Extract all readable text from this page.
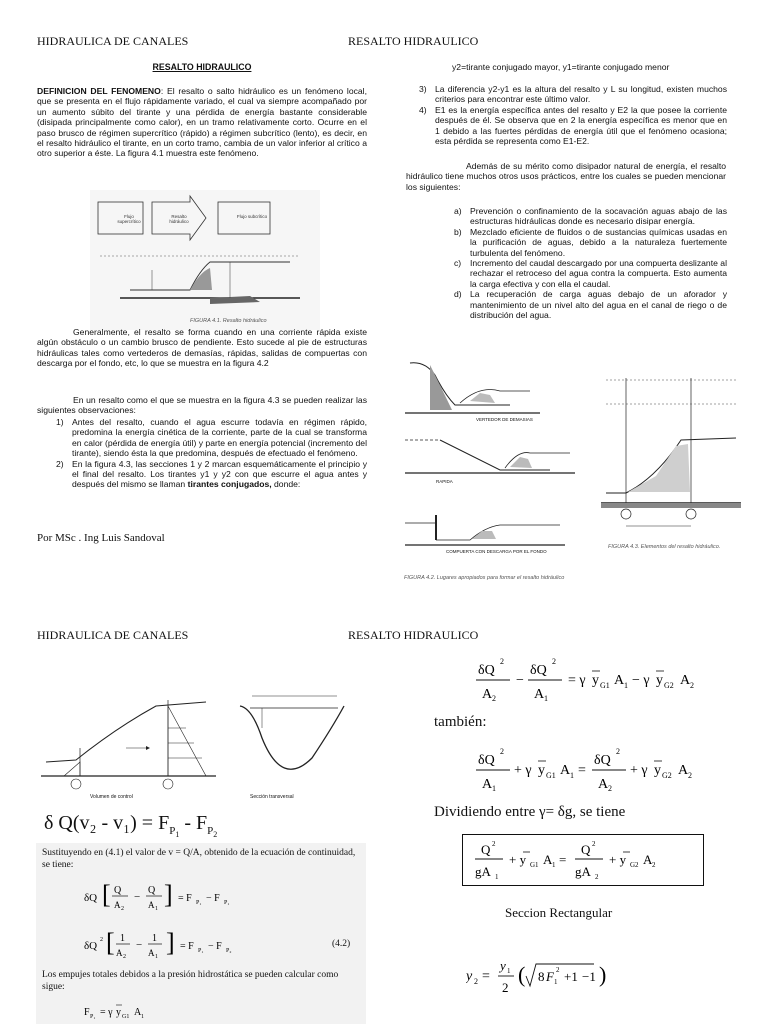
HIDRAULICA DE CANALES	RESALTO HIDRAULICO
RESALTO HIDRAULICO
DEFINICION DEL FENOMENO: El resalto o salto hidráulico es un fenómeno local, que se presenta en el flujo rápidamente variado, el cual va siempre acompañado por un aumento súbito del tirante y una pérdida de energía bastante considerable (disipada principalmente como calor), en un tramo relativamente corto. Ocurre en el paso brusco de régimen supercrítico (rápido) a régimen subcrítico (lento), es decir, en el resalto hidráulico el tirante, en un corto tramo, cambia de un valor inferior al crítico a otro superior a éste. La figura 4.1 muestra este fenómeno.
Flujo supercrítico
Resalto hidráulico
Flujo subcrítico
FIGURA 4.1. Resalto hidráulico
Generalmente, el resalto se forma cuando en una corriente rápida existe algún obstáculo o un cambio brusco de pendiente. Esto sucede al pie de estructuras hidráulicas tales como vertederos de demasías, rápidas, salidas de compuertas con descarga por el fondo, etc, lo que se muestra en la figura 4.2
En un resalto como el que se muestra en la figura 4.3 se pueden realizar las siguientes observaciones:
1) Antes del resalto, cuando el agua escurre todavía en régimen rápido, predomina la energía cinética de la corriente, parte de la cual se transforma en calor (pérdida de energía útil) y parte en energía potencial (incremento del tirante), siendo ésta la que predomina, después de efectuado el fenómeno.
2) En la figura 4.3, las secciones 1 y 2 marcan esquemáticamente el principio y el final del resalto. Los tirantes y1 y y2 con que escurre el agua antes y después del mismo se llaman tirantes conjugados, donde:
Por MSc . Ing Luis Sandoval
y2=tirante conjugado mayor, y1=tirante conjugado menor
3) La diferencia y2-y1 es la altura del resalto y L su longitud, existen muchos criterios para encontrar este último valor.
4) E1 es la energía específica antes del resalto y E2 la que posee la corriente después de él. Se observa que en 2 la energía específica es menor que en 1 debido a las fuertes pérdidas de energía útil que el fenómeno ocasiona; esta pérdida se representa como E1-E2.
Además de su mérito como disipador natural de energía, el resalto hidráulico tiene muchos otros usos prácticos, entre los cuales se pueden mencionar los siguientes:
a) Prevención o confinamiento de la socavación aguas abajo de las estructuras hidráulicas donde es necesario disipar energía.
b) Mezclado eficiente de fluidos o de sustancias químicas usadas en la purificación de aguas, debido a la naturaleza fuertemente turbulenta del fenómeno.
c) Incremento del caudal descargado por una compuerta deslizante al rechazar el retroceso del agua contra la compuerta. Esto aumenta la carga efectiva y con ella el caudal.
d) La recuperación de carga aguas debajo de un aforador y mantenimiento de un nivel alto del agua en el canal de riego o de distribución del agua.
VERTEDOR DE DEMASIAS
RAPIDA
COMPUERTA CON DESCARGA POR EL FONDO
FIGURA 4.2. Lugares apropiados para formar el resalto hidráulico
FIGURA 4.3. Elementos del resalto hidráulico.
HIDRAULICA DE CANALES	RESALTO HIDRAULICO
Volumen de control	Sección transversal
δ $Q(v_2 - v_1) = F_{P_1} - F_{P_2}$
Sustituyendo en (4.1) el valor de v = Q/A, obtenido de la ecuación de continuidad, se tiene:
δQ [ Q
A 2
−
Q
A 1 ] = F P₁ − F P₁
δQ 2 [ 1
A 2
−
1
A 1 ] = F P₁ − F P₂
(4.2)
Los empujes totales debidos a la presión hidrostática se pueden calcular como sigue:
F P₁ = γ y G1 A 1
δQ
2
A 2
−
δQ
2
A 1
= γ y G1 A 1 − γ y G2 A 2
también:
δQ
2
A 1
+ γ y G1 A 1 =
δQ
2
A 2
+ γ y G2 A 2
Dividiendo entre γ= δg, se tiene
Q 2
gA 1
+ y G1 A 1 =
Q 2
gA 2
+ y G2 A 2
Seccion Rectangular
y 2 =
y 1
2
( 8 F 1
2 +1 −1 )
